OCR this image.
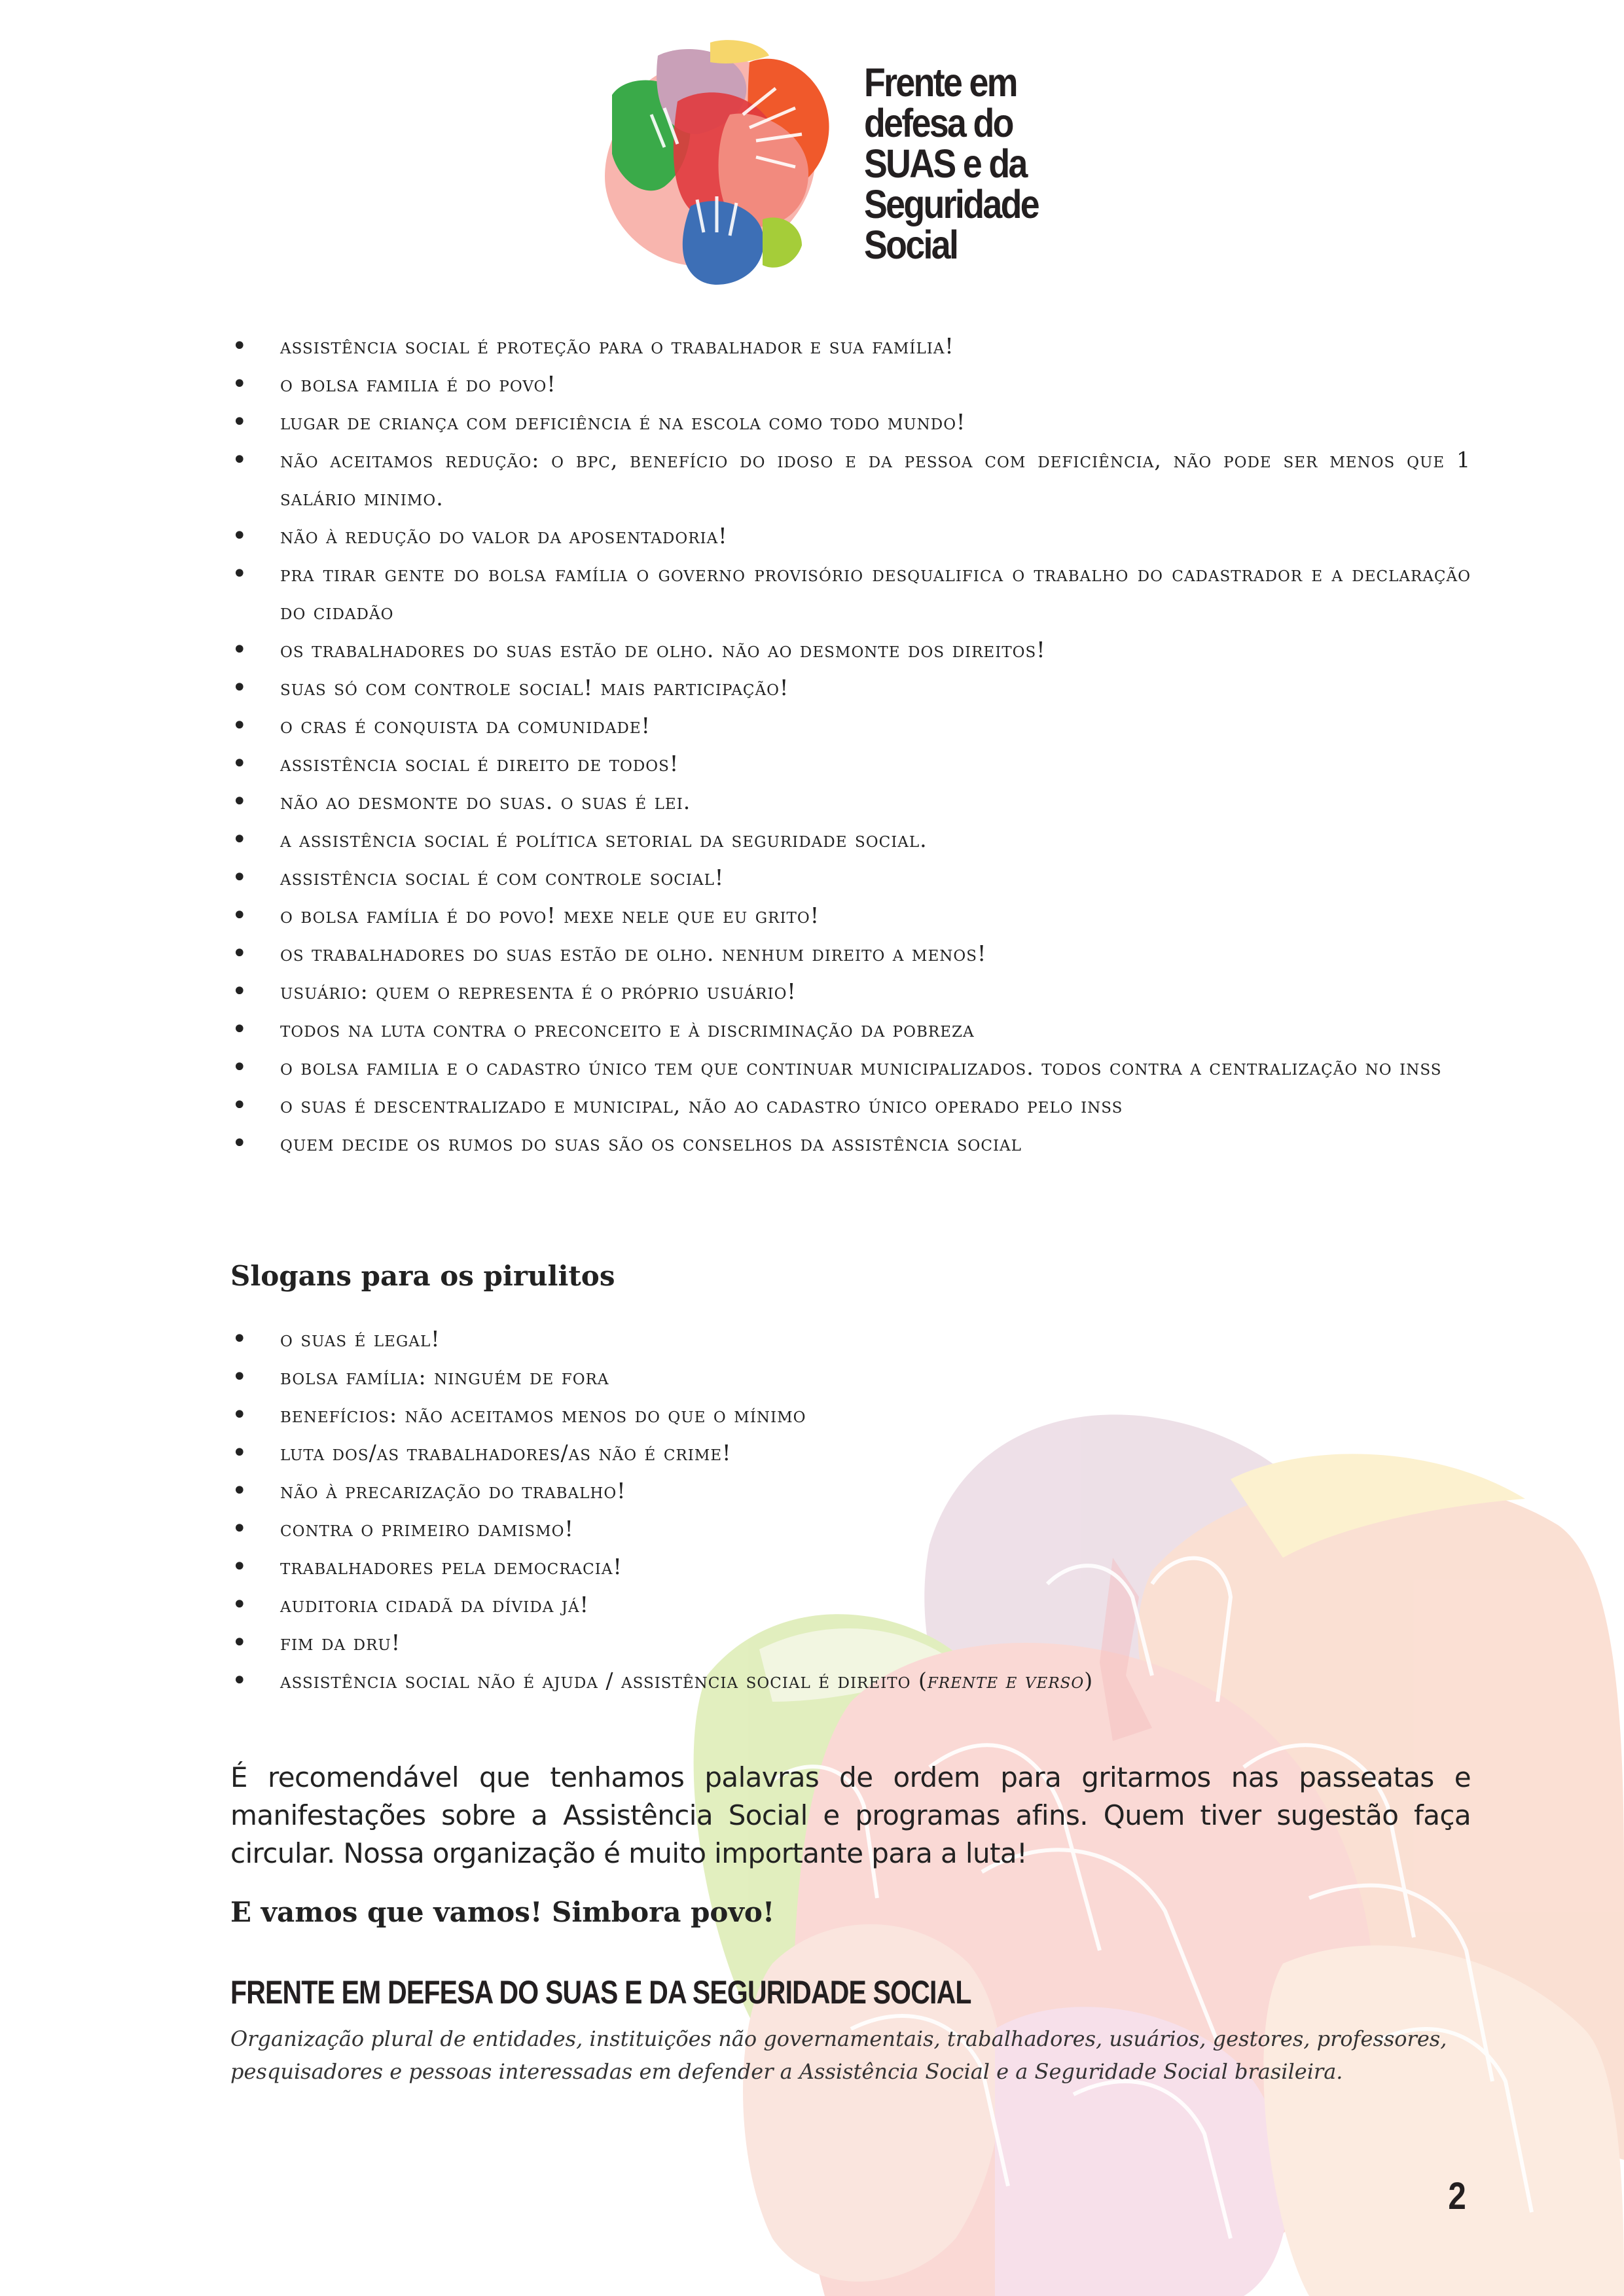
Frente em
defesa do
SUAS e da
Seguridade
Social
• assistência social é proteção para o trabalhador e sua família!
• o bolsa familia é do povo!
• lugar de criança com deficiência é na escola como todo mundo!
• não aceitamos redução: o bpc, benefício do idoso e da pessoa com deficiência, não pode ser menos que 1 salário minimo.
• não à redução do valor da aposentadoria!
• pra tirar gente do bolsa família o governo provisório desqualifica o trabalho do cadastrador e a declaração do cidadão
• os trabalhadores do suas estão de olho. não ao desmonte dos direitos!
• suas só com controle social! mais participação!
• o cras é conquista da comunidade!
• assistência social é direito de todos!
• não ao desmonte do suas. o suas é lei.
• a assistência social é política setorial da seguridade social.
• assistência social é com controle social!
• o bolsa família é do povo! mexe nele que eu grito!
• os trabalhadores do suas estão de olho. nenhum direito a menos!
• usuário: quem o representa é o próprio usuário!
• todos na luta contra o preconceito e à discriminação da pobreza
• o bolsa familia e o cadastro único tem que continuar municipalizados. todos contra a centralização no inss
• o suas é descentralizado e municipal, não ao cadastro único operado pelo inss
• quem decide os rumos do suas são os conselhos da assistência social
Slogans para os pirulitos
• o suas é legal!
• bolsa família: ninguém de fora
• benefícios: não aceitamos menos do que o mínimo
• luta dos/as trabalhadores/as não é crime!
• não à precarização do trabalho!
• contra o primeiro damismo!
• trabalhadores pela democracia!
• auditoria cidadã da dívida já!
• fim da dru!
• assistência social não é ajuda / assistência social é direito (frente e verso)
É recomendável que tenhamos palavras de ordem para gritarmos nas passeatas e manifestações sobre a Assistência Social e programas afins. Quem tiver sugestão faça circular. Nossa organização é muito importante para a luta!
E vamos que vamos! Simbora povo!
FRENTE EM DEFESA DO SUAS E DA SEGURIDADE SOCIAL
Organização plural de entidades, instituições não governamentais, trabalhadores, usuários, gestores, professores, pesquisadores e pessoas interessadas em defender a Assistência Social e a Seguridade Social brasileira.
2
